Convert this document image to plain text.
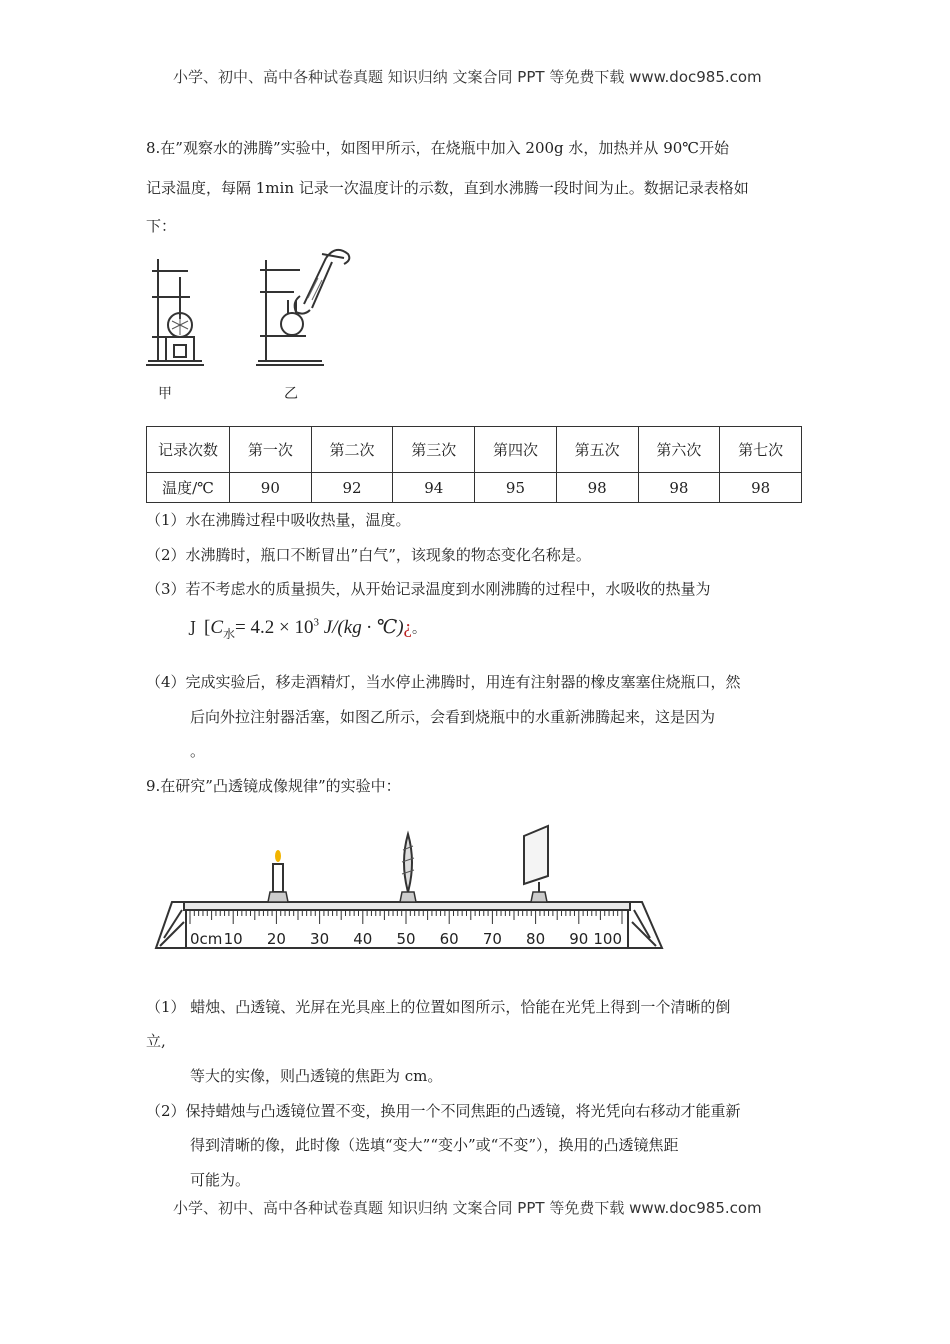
小学、初中、高中各种试卷真题 知识归纳 文案合同 PPT 等免费下载 www.doc985.com
8.在”观察水的沸腾”实验中，如图甲所示，在烧瓶中加入 200g 水，加热并从 90℃开始
记录温度，每隔 1min 记录一次温度计的示数，直到水沸腾一段时间为止。数据记录表格如
下：
甲	乙
记录次数	第一次	第二次	第三次	第四次	第五次	第六次	第七次
温度/℃	90	92	94	95	98	98	98
（1）水在沸腾过程中吸收热量，温度。
（2）水沸腾时，瓶口不断冒出”白气”，该现象的物态变化名称是。
（3）若不考虑水的质量损失，从开始记录温度到水刚沸腾的过程中，水吸收的热量为
J [$C_水= 4.2 \times 10^3$ J/(kg · ℃)¿。
（4）完成实验后，移走酒精灯，当水停止沸腾时，用连有注射器的橡皮塞塞住烧瓶口，然
后向外拉注射器活塞，如图乙所示，会看到烧瓶中的水重新沸腾起来，这是因为
。
9.在研究”凸透镜成像规律”的实验中：
0cm 10 20 30 40 50 60 70 80 90 100
（1） 蜡烛、凸透镜、光屏在光具座上的位置如图所示，恰能在光凭上得到一个清晰的倒
立,
等大的实像，则凸透镜的焦距为 cm。
（2）保持蜡烛与凸透镜位置不变，换用一个不同焦距的凸透镜，将光凭向右移动才能重新
得到清晰的像，此时像（选填“变大”“变小”或“不变”），换用的凸透镜焦距
可能为。
小学、初中、高中各种试卷真题 知识归纳 文案合同 PPT 等免费下载 www.doc985.com
